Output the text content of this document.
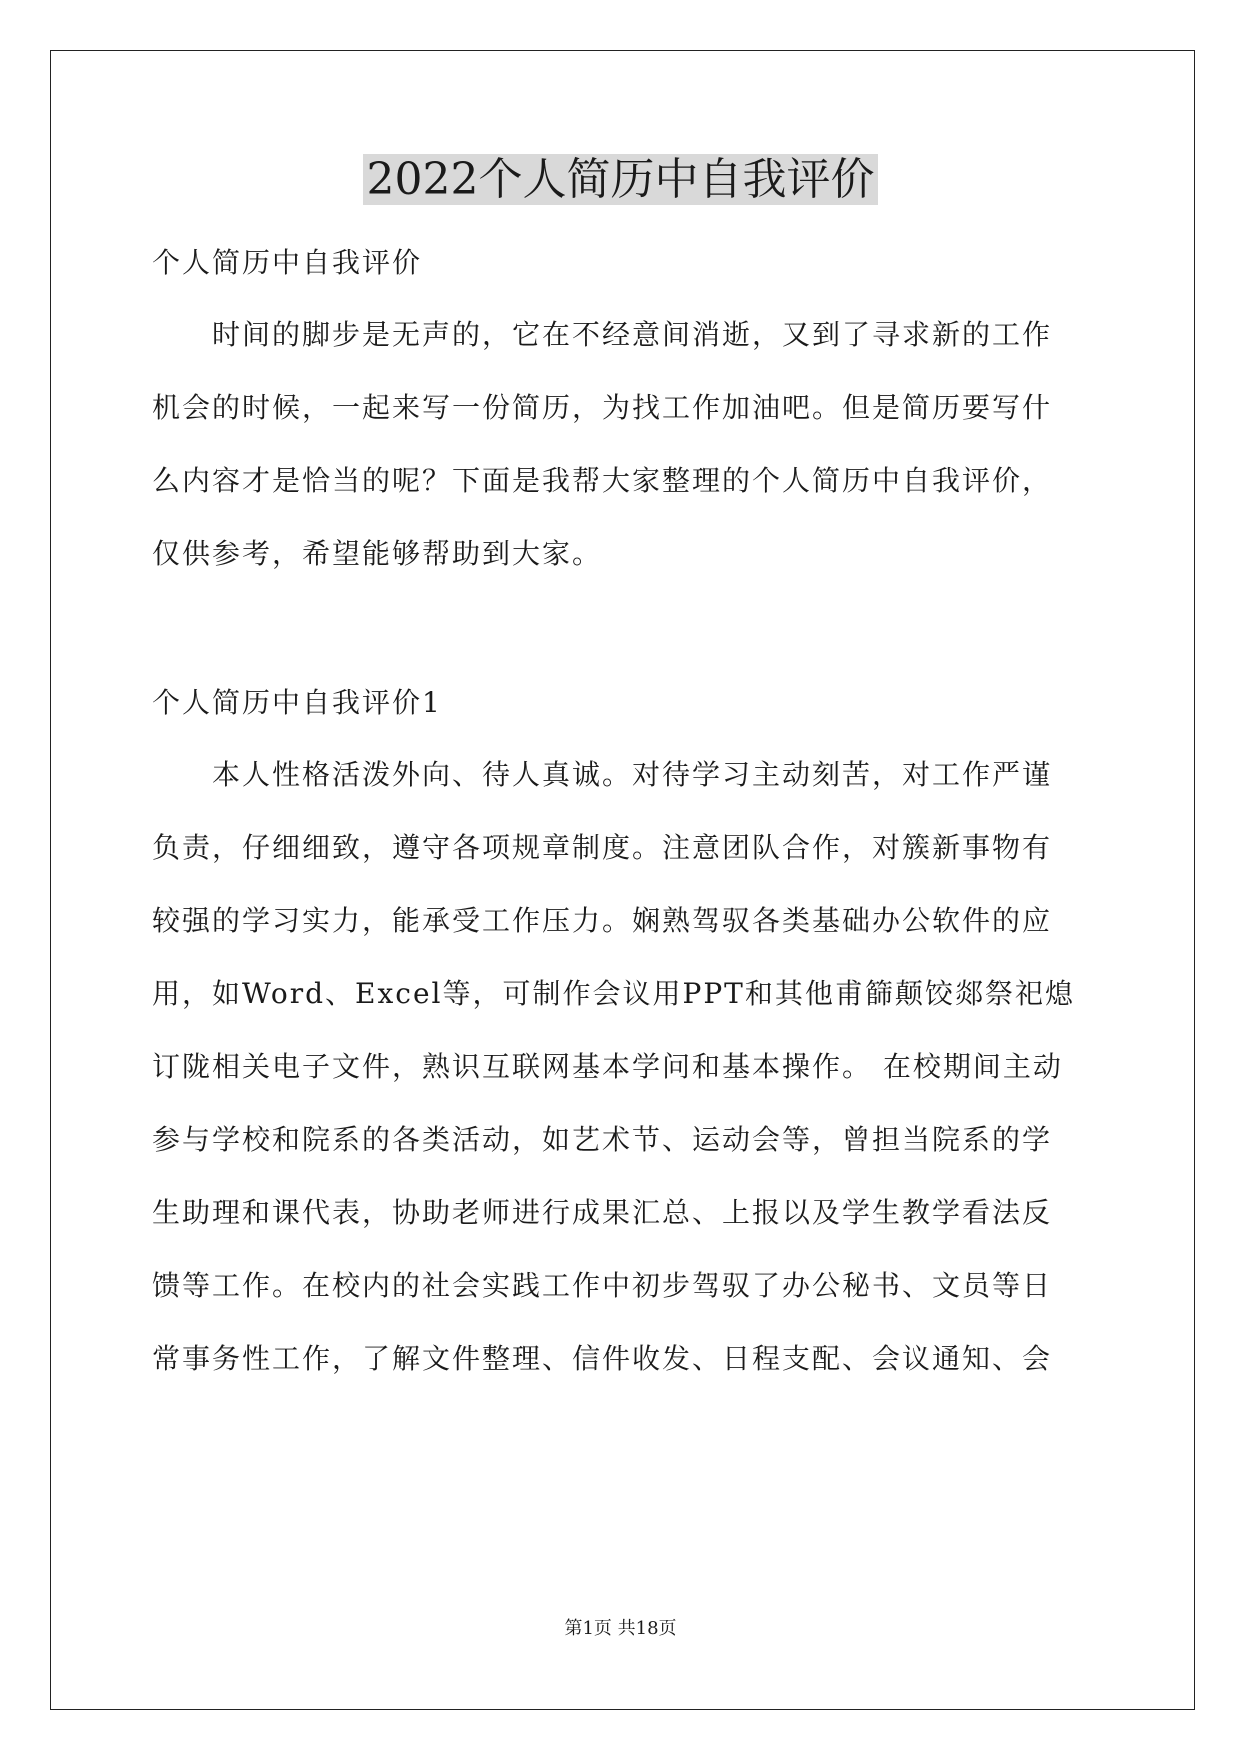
2022个人简历中自我评价
个人简历中自我评价
时间的脚步是无声的，它在不经意间消逝，又到了寻求新的工作
机会的时候，一起来写一份简历，为找工作加油吧。但是简历要写什
么内容才是恰当的呢？下面是我帮大家整理的个人简历中自我评价，
仅供参考，希望能够帮助到大家。
个人简历中自我评价1
本人性格活泼外向、待人真诚。对待学习主动刻苦，对工作严谨
负责，仔细细致，遵守各项规章制度。注意团队合作，对簇新事物有
较强的学习实力，能承受工作压力。娴熟驾驭各类基础办公软件的应
用，如Word、Excel等，可制作会议用PPT和其他甫篩颠饺郯祭祀熄
订陇相关电子文件，熟识互联网基本学问和基本操作。 在校期间主动
参与学校和院系的各类活动，如艺术节、运动会等，曾担当院系的学
生助理和课代表，协助老师进行成果汇总、上报以及学生教学看法反
馈等工作。在校内的社会实践工作中初步驾驭了办公秘书、文员等日
常事务性工作，了解文件整理、信件收发、日程支配、会议通知、会
第1页 共18页
